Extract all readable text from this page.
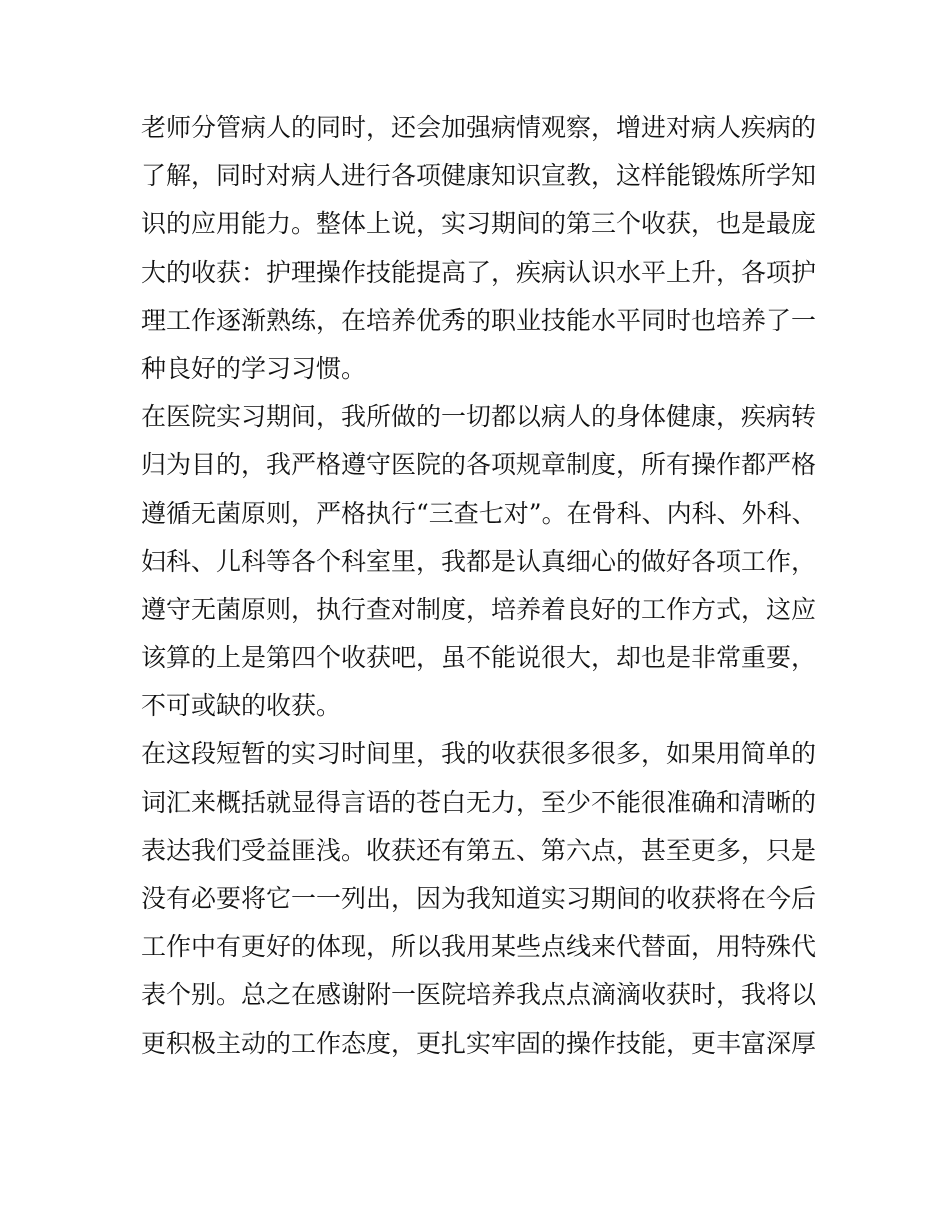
老师分管病人的同时，还会加强病情观察，增进对病人疾病的
了解，同时对病人进行各项健康知识宣教，这样能锻炼所学知
识的应用能力。整体上说，实习期间的第三个收获，也是最庞
大的收获：护理操作技能提高了，疾病认识水平上升，各项护
理工作逐渐熟练，在培养优秀的职业技能水平同时也培养了一
种良好的学习习惯。
在医院实习期间，我所做的一切都以病人的身体健康，疾病转
归为目的，我严格遵守医院的各项规章制度，所有操作都严格
遵循无菌原则，严格执行“三查七对”。在骨科、内科、外科、
妇科、儿科等各个科室里，我都是认真细心的做好各项工作，
遵守无菌原则，执行查对制度，培养着良好的工作方式，这应
该算的上是第四个收获吧，虽不能说很大，却也是非常重要，
不可或缺的收获。
在这段短暂的实习时间里，我的收获很多很多，如果用简单的
词汇来概括就显得言语的苍白无力，至少不能很准确和清晰的
表达我们受益匪浅。收获还有第五、第六点，甚至更多，只是
没有必要将它一一列出，因为我知道实习期间的收获将在今后
工作中有更好的体现，所以我用某些点线来代替面，用特殊代
表个别。总之在感谢附一医院培养我点点滴滴收获时，我将以
更积极主动的工作态度，更扎实牢固的操作技能，更丰富深厚
